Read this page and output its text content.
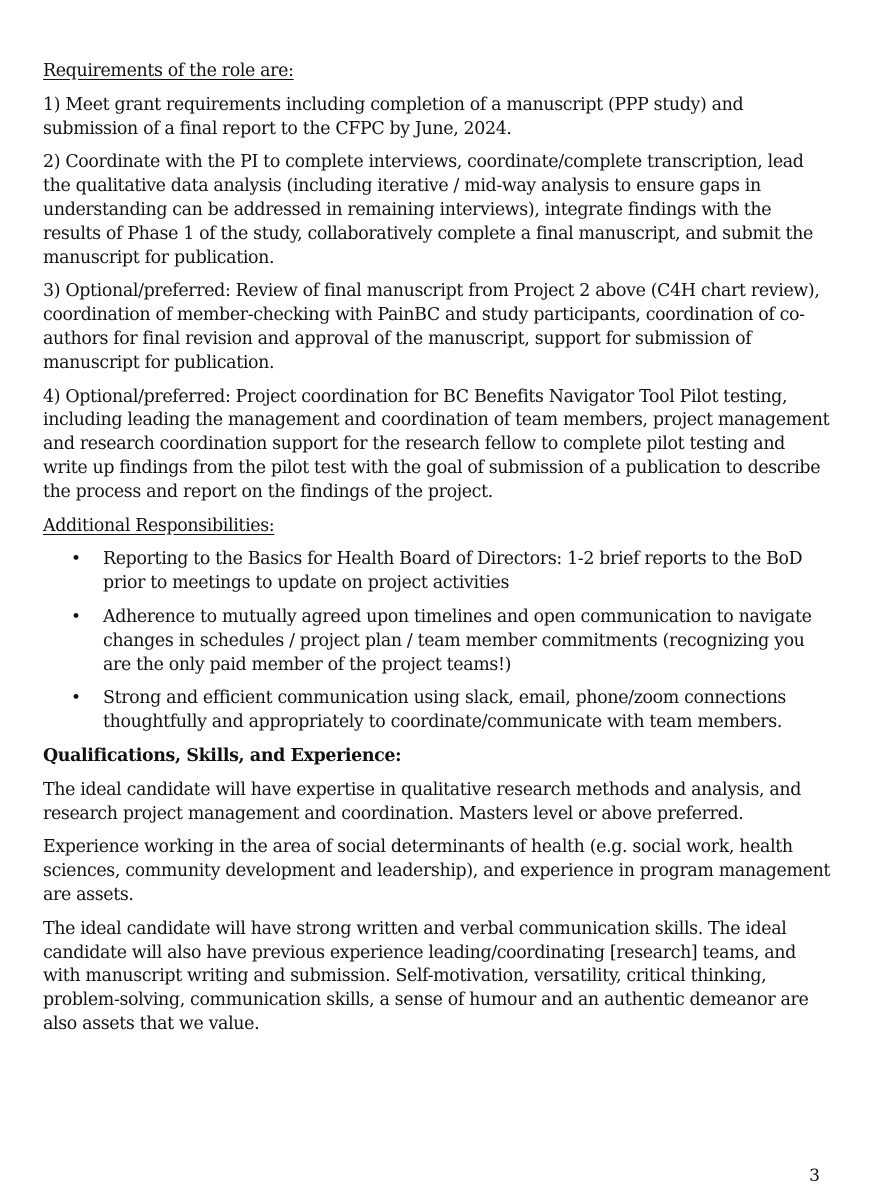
Requirements of the role are:

1) Meet grant requirements including completion of a manuscript (PPP study) and submission of a final report to the CFPC by June, 2024.

2) Coordinate with the PI to complete interviews, coordinate/complete transcription, lead the qualitative data analysis (including iterative / mid-way analysis to ensure gaps in understanding can be addressed in remaining interviews), integrate findings with the results of Phase 1 of the study, collaboratively complete a final manuscript, and submit the manuscript for publication.

3) Optional/preferred: Review of final manuscript from Project 2 above (C4H chart review), coordination of member-checking with PainBC and study participants, coordination of co-authors for final revision and approval of the manuscript, support for submission of manuscript for publication.

4) Optional/preferred: Project coordination for BC Benefits Navigator Tool Pilot testing, including leading the management and coordination of team members, project management and research coordination support for the research fellow to complete pilot testing and write up findings from the pilot test with the goal of submission of a publication to describe the process and report on the findings of the project.

Additional Responsibilities:
• Reporting to the Basics for Health Board of Directors: 1-2 brief reports to the BoD prior to meetings to update on project activities
• Adherence to mutually agreed upon timelines and open communication to navigate changes in schedules / project plan / team member commitments (recognizing you are the only paid member of the project teams!)
• Strong and efficient communication using slack, email, phone/zoom connections thoughtfully and appropriately to coordinate/communicate with team members.
Qualifications, Skills, and Experience:

The ideal candidate will have expertise in qualitative research methods and analysis, and research project management and coordination. Masters level or above preferred.

Experience working in the area of social determinants of health (e.g. social work, health sciences, community development and leadership), and experience in program management are assets.

The ideal candidate will have strong written and verbal communication skills. The ideal candidate will also have previous experience leading/coordinating [research] teams, and with manuscript writing and submission. Self-motivation, versatility, critical thinking, problem-solving, communication skills, a sense of humour and an authentic demeanor are also assets that we value.

3
